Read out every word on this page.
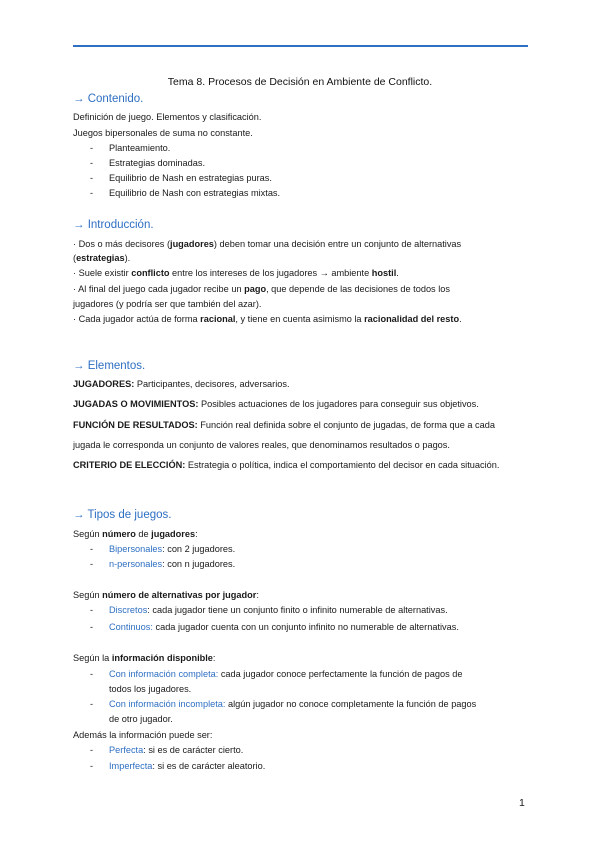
Tema 8. Procesos de Decisión en Ambiente de Conflicto.
→ Contenido.
Definición de juego. Elementos y clasificación.
Juegos bipersonales de suma no constante.
- Planteamiento.
- Estrategias dominadas.
- Equilibrio de Nash en estrategias puras.
- Equilibrio de Nash con estrategias mixtas.
→ Introducción.
· Dos o más decisores (jugadores) deben tomar una decisión entre un conjunto de alternativas
(estrategias).
· Suele existir conflicto entre los intereses de los jugadores → ambiente hostil.
· Al final del juego cada jugador recibe un pago, que depende de las decisiones de todos los
jugadores (y podría ser que también del azar).
· Cada jugador actúa de forma racional, y tiene en cuenta asimismo la racionalidad del resto.
→ Elementos.
JUGADORES: Participantes, decisores, adversarios.
JUGADAS O MOVIMIENTOS: Posibles actuaciones de los jugadores para conseguir sus objetivos.
FUNCIÓN DE RESULTADOS: Función real definida sobre el conjunto de jugadas, de forma que a cada
jugada le corresponda un conjunto de valores reales, que denominamos resultados o pagos.
CRITERIO DE ELECCIÓN: Estrategia o política, indica el comportamiento del decisor en cada situación.
→ Tipos de juegos.
Según número de jugadores:
- Bipersonales: con 2 jugadores.
- n-personales: con n jugadores.
Según número de alternativas por jugador:
- Discretos: cada jugador tiene un conjunto finito o infinito numerable de alternativas.
- Continuos: cada jugador cuenta con un conjunto infinito no numerable de alternativas.
Según la información disponible:
- Con información completa: cada jugador conoce perfectamente la función de pagos de
todos los jugadores.
- Con información incompleta: algún jugador no conoce completamente la función de pagos
de otro jugador.
Además la información puede ser:
- Perfecta: si es de carácter cierto.
- Imperfecta: si es de carácter aleatorio.
1
